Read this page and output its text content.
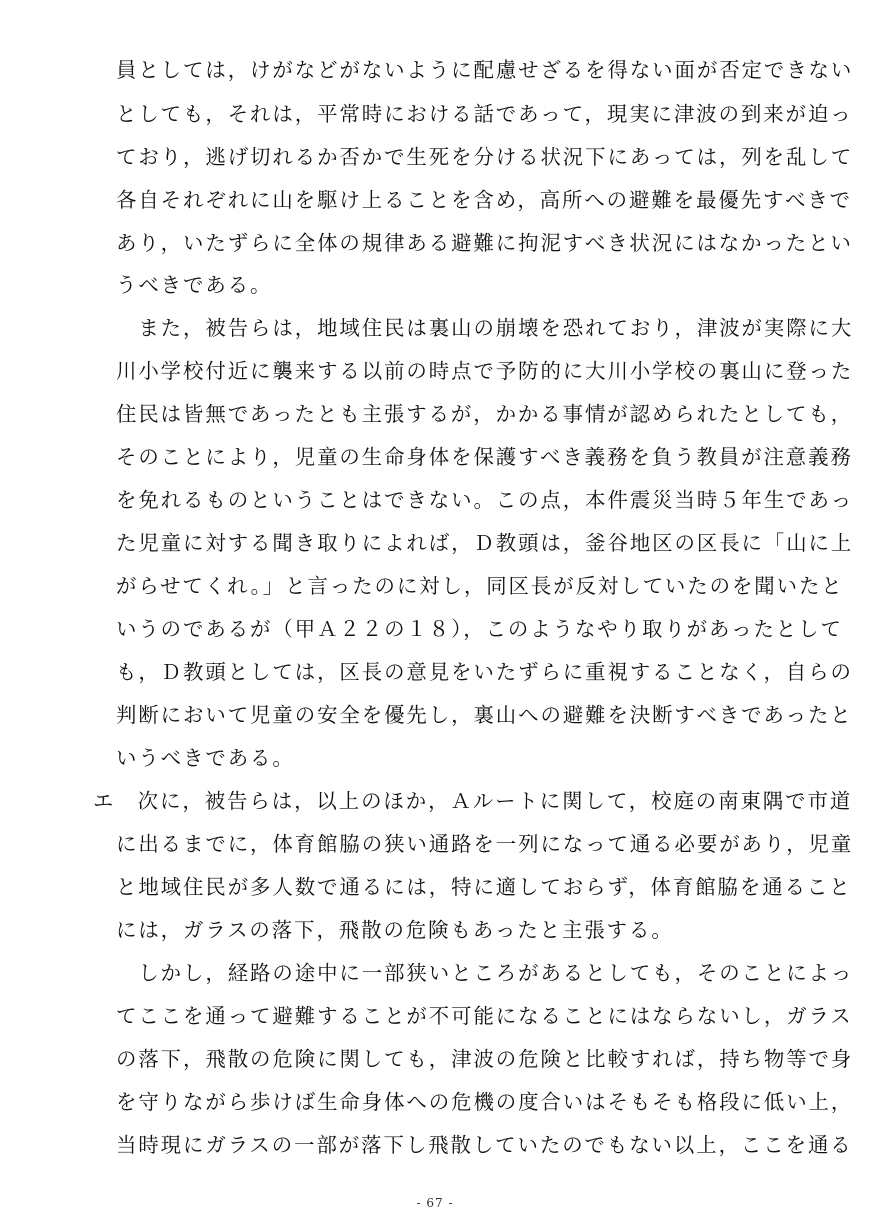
員としては，けがなどがないように配慮せざるを得ない面が否定できない
としても，それは，平常時における話であって，現実に津波の到来が迫っ
ており，逃げ切れるか否かで生死を分ける状況下にあっては，列を乱して
各自それぞれに山を駆け上ることを含め，高所への避難を最優先すべきで
あり，いたずらに全体の規律ある避難に拘泥すべき状況にはなかったとい
うべきである。
　また，被告らは，地域住民は裏山の崩壊を恐れており，津波が実際に大
川小学校付近に襲来する以前の時点で予防的に大川小学校の裏山に登った
住民は皆無であったとも主張するが，かかる事情が認められたとしても，
そのことにより，児童の生命身体を保護すべき義務を負う教員が注意義務
を免れるものということはできない。この点，本件震災当時５年生であっ
た児童に対する聞き取りによれば，Ｄ教頭は，釜谷地区の区長に「山に上
がらせてくれ。」と言ったのに対し，同区長が反対していたのを聞いたと
いうのであるが（甲Ａ２２の１８），このようなやり取りがあったとして
も，Ｄ教頭としては，区長の意見をいたずらに重視することなく，自らの
判断において児童の安全を優先し，裏山への避難を決断すべきであったと
いうべきである。
エ　次に，被告らは，以上のほか，Ａルートに関して，校庭の南東隅で市道
に出るまでに，体育館脇の狭い通路を一列になって通る必要があり，児童
と地域住民が多人数で通るには，特に適しておらず，体育館脇を通ること
には，ガラスの落下，飛散の危険もあったと主張する。
　しかし，経路の途中に一部狭いところがあるとしても，そのことによっ
てここを通って避難することが不可能になることにはならないし，ガラス
の落下，飛散の危険に関しても，津波の危険と比較すれば，持ち物等で身
を守りながら歩けば生命身体への危機の度合いはそもそも格段に低い上，
当時現にガラスの一部が落下し飛散していたのでもない以上，ここを通る
- 67 -
